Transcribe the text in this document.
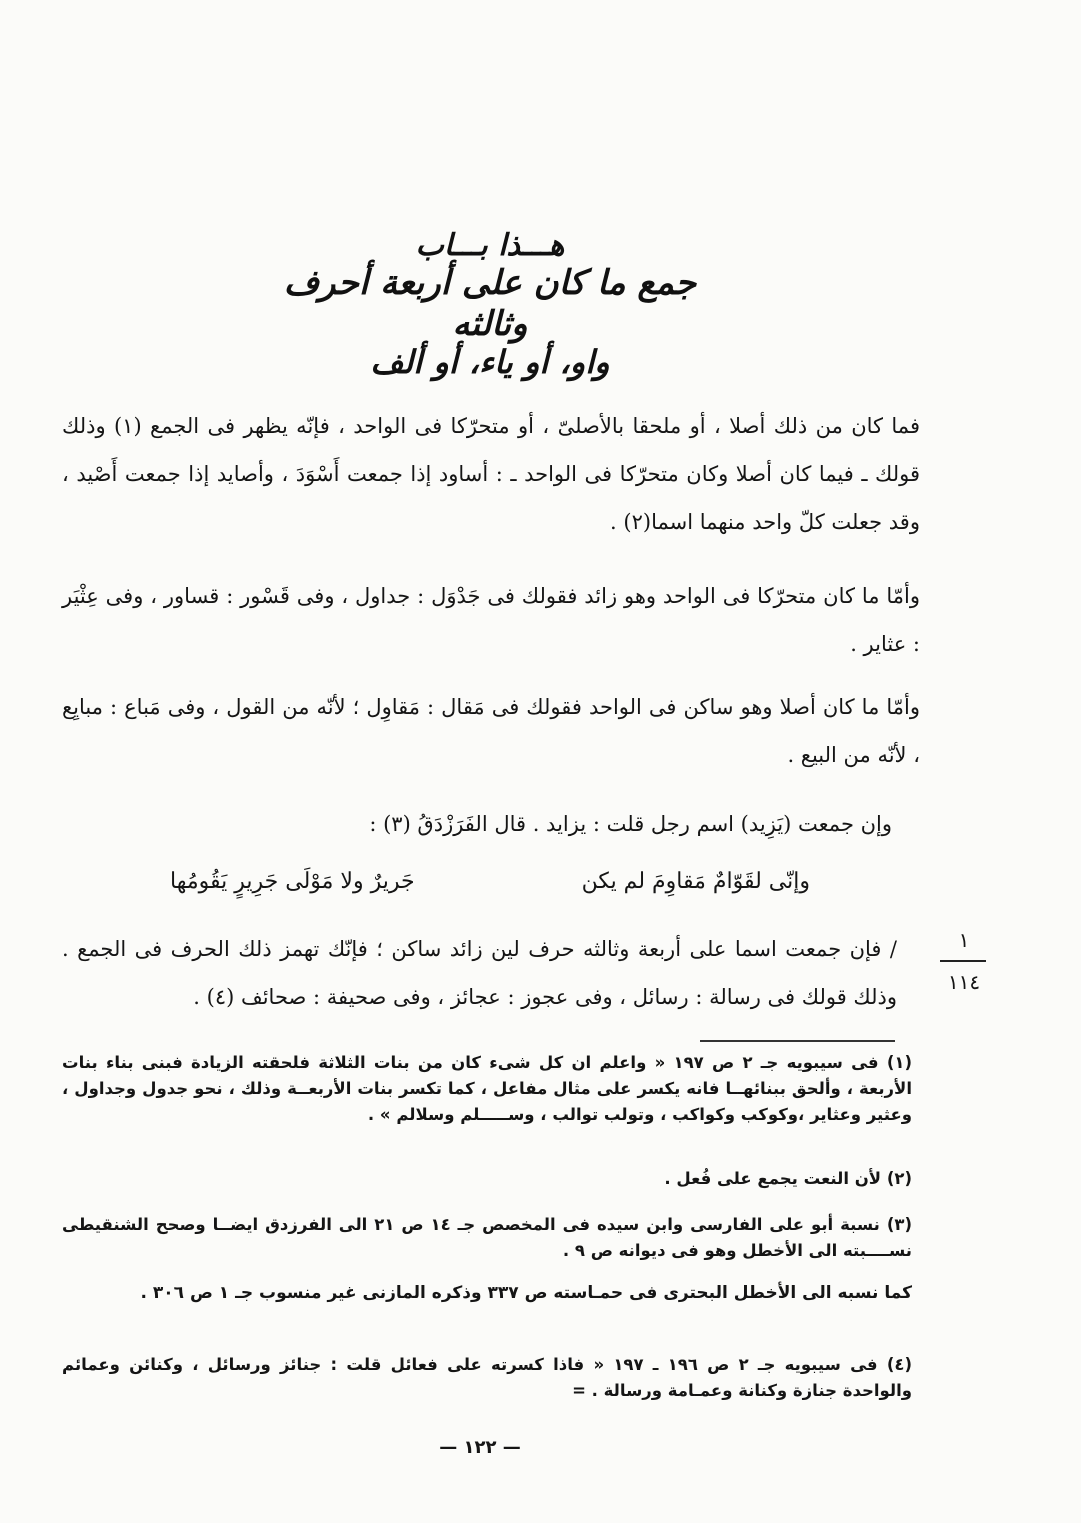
هـــذا بـــاب
جمع ما كان على أربعة أحرف وثالثه
واو، أو ياء، أو ألف
فما كان من ذلك أصلا ، أو ملحقا بالأصلىّ ، أو متحرّكا فى الواحد ، فإنّه يظهر فى الجمع (١) وذلك قولك ـ فيما كان أصلا وكان متحرّكا فى الواحد ـ : أساود إذا جمعت أَسْوَدَ ، وأصايد إذا جمعت أَصْيد ، وقد جعلت كلّ واحد منهما اسما(٢) .
وأمّا ما كان متحرّكا فى الواحد وهو زائد فقولك فى جَدْوَل : جداول ، وفى قَسْور : قساور ، وفى عِثْيَر : عثاير .
وأمّا ما كان أصلا وهو ساكن فى الواحد فقولك فى مَقال : مَقاوِل ؛ لأنّه من القول ، وفى مَباع : مبايِع ، لأنّه من البيع .
وإن جمعت (يَزِيد) اسم رجل قلت : يزايد . قال الفَرَزْدَقُ (٣) :
وإنّى لقَوّامٌ مَقاوِمَ لم يكن
جَريرٌ ولا مَوْلَى جَرِيرٍ يَقُومُها
/ فإن جمعت اسما على أربعة وثالثه حرف لين زائد ساكن ؛ فإنّك تهمز ذلك الحرف فى الجمع . وذلك قولك فى رسالة : رسائل ، وفى عجوز : عجائز ، وفى صحيفة : صحائف (٤) .
١
١١٤
(١) فى سيبويه جـ ٢ ص ١٩٧ « واعلم ان كل شىء كان من بنات الثلاثة فلحقته الزيادة فبنى بناء بنات الأربعة ، وألحق ببنائهــا فانه يكسر على مثال مفاعل ، كما تكسر بنات الأربعــة وذلك ، نحو جدول وجداول ، وعثير وعثاير ،وكوكب وكواكب ، وتولب توالب ، وســـــلم وسلالم » .
(٣) نسبة أبو على الفارسى وابن سيده فى المخصص جـ ١٤ ص ٢١ الى الفرزدق ايضــا وصحح الشنقيطى نســــبته الى الأخطل وهو فى ديوانه ص ٩ .
كما نسبه الى الأخطل البحترى فى حمـاسته ص ٣٣٧ وذكره المازنى غير منسوب جـ ١ ص ٣٠٦ .
(٤) فى سيبويه جـ ٢ ص ١٩٦ ـ ١٩٧ « فاذا كسرته على فعائل قلت : جنائز ورسائل ، وكنائن وعمائم والواحدة جنازة وكنانة وعمـامة ورسالة . =
(٢) لأن النعت يجمع على فُعل .
— ١٢٢ —
